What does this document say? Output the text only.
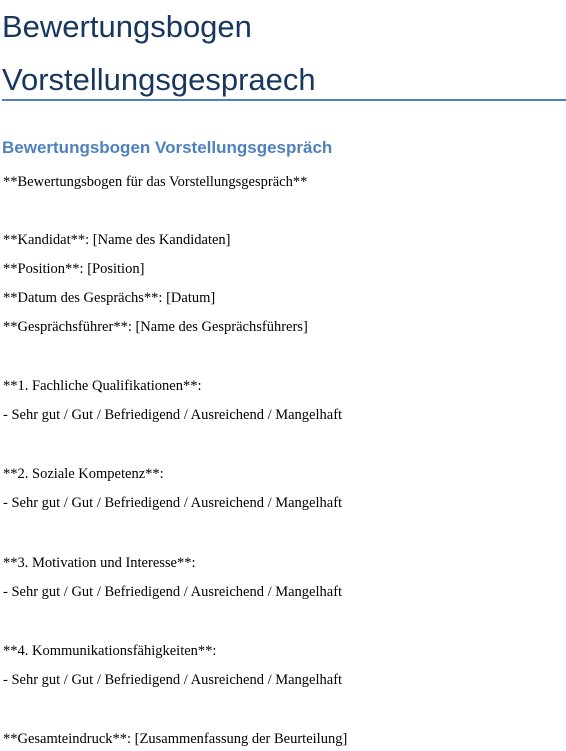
Bewertungsbogen
Vorstellungsgespraech
Bewertungsbogen Vorstellungsgespräch

**Bewertungsbogen für das Vorstellungsgespräch**

**Kandidat**: [Name des Kandidaten]

**Position**: [Position]

**Datum des Gesprächs**: [Datum]

**Gesprächsführer**: [Name des Gesprächsführers]

**1. Fachliche Qualifikationen**:

- Sehr gut / Gut / Befriedigend / Ausreichend / Mangelhaft

**2. Soziale Kompetenz**:

- Sehr gut / Gut / Befriedigend / Ausreichend / Mangelhaft

**3. Motivation und Interesse**:

- Sehr gut / Gut / Befriedigend / Ausreichend / Mangelhaft

**4. Kommunikationsfähigkeiten**:

- Sehr gut / Gut / Befriedigend / Ausreichend / Mangelhaft

**Gesamteindruck**: [Zusammenfassung der Beurteilung]
